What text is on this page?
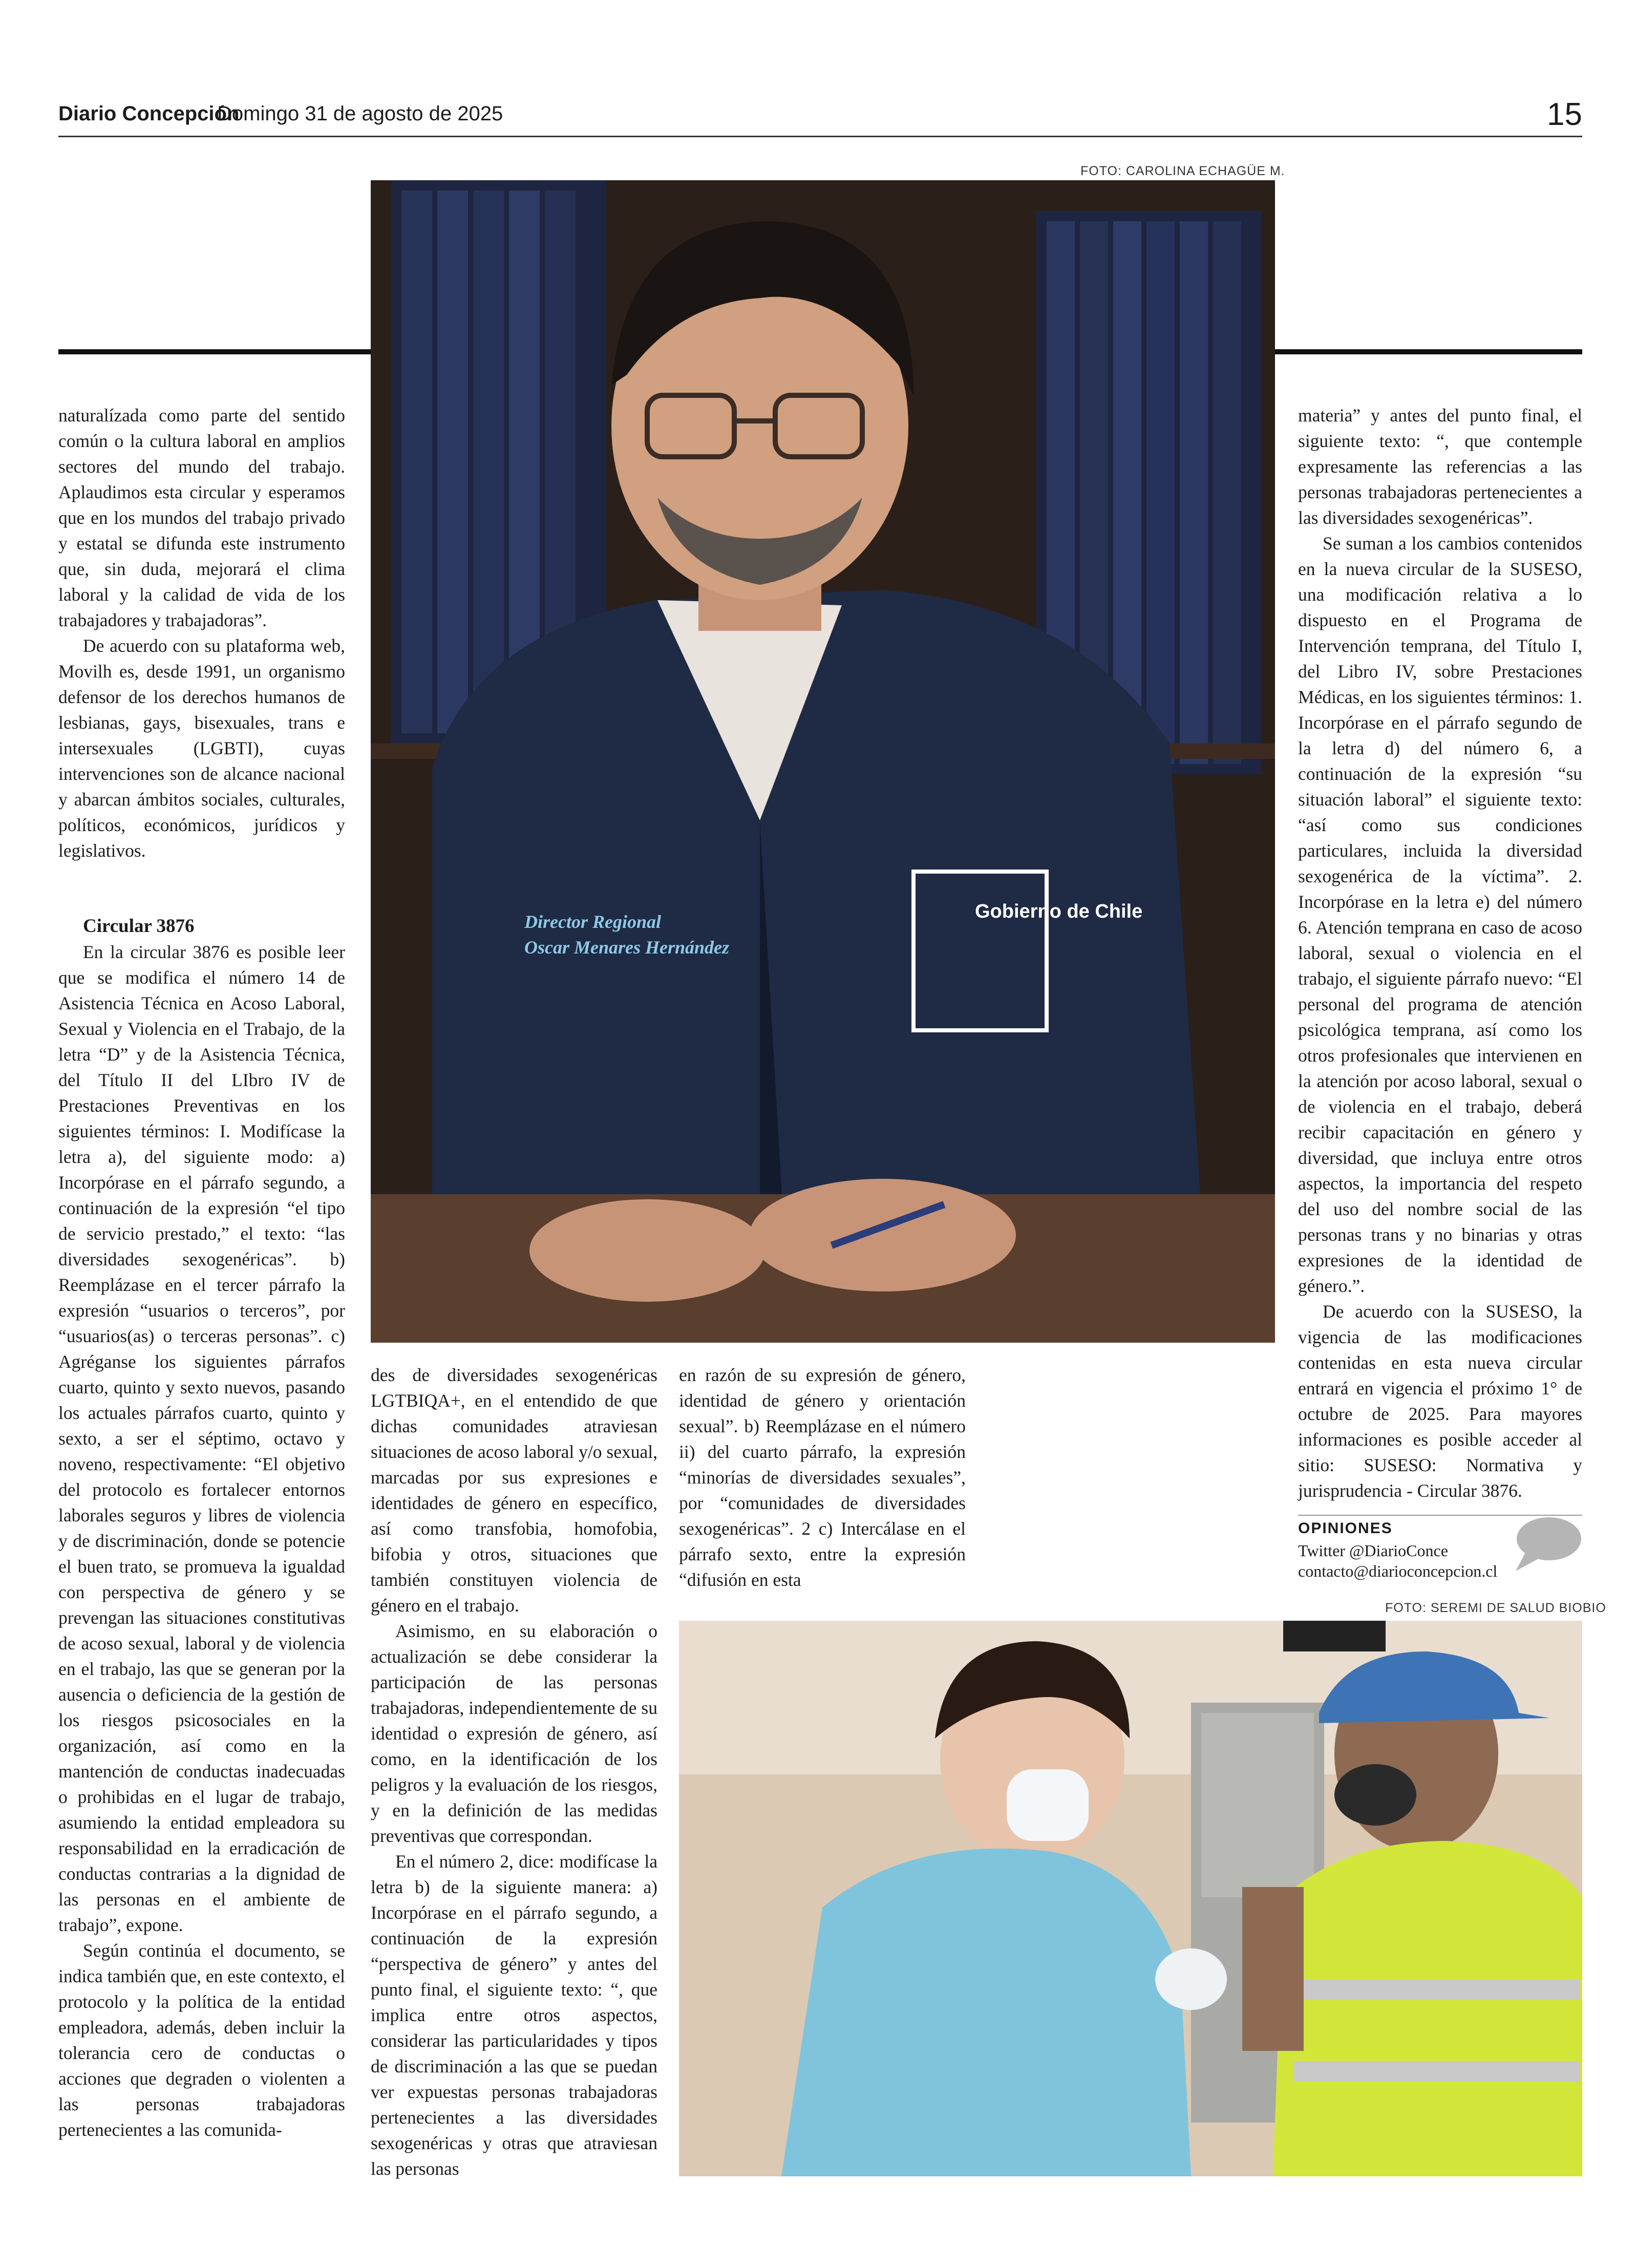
Diario Concepción
Domingo 31 de agosto de 2025	15
FOTO: CAROLINA ECHAGÜE M.
Gobierno de Chile
Director Regional
Oscar Menares Hernández

naturalízada como parte del sentido común o la cultura laboral en amplios sectores del mundo del trabajo. Aplaudimos esta circular y esperamos que en los mundos del trabajo privado y estatal se difunda este instrumento que, sin duda, mejorará el clima laboral y la calidad de vida de los trabajadores y trabajadoras”.

De acuerdo con su plataforma web, Movilh es, desde 1991, un organismo defensor de los derechos humanos de lesbianas, gays, bisexuales, trans e intersexuales (LGBTI), cuyas intervenciones son de alcance nacional y abarcan ámbitos sociales, culturales, políticos, económicos, jurídicos y legislativos.

Circular 3876

En la circular 3876 es posible leer que se modifica el número 14 de Asistencia Técnica en Acoso Laboral, Sexual y Violencia en el Trabajo, de la letra “D” y de la Asistencia Técnica, del Título II del LIbro IV de Prestaciones Preventivas en los siguientes términos: I. Modifícase la letra a), del siguiente modo: a) Incorpórase en el párrafo segundo, a continuación de la expresión “el tipo de servicio prestado,” el texto: “las diversidades sexogenéricas”. b) Reemplázase en el tercer párrafo la expresión “usuarios o terceros”, por “usuarios(as) o terceras personas”. c) Agréganse los siguientes párrafos cuarto, quinto y sexto nuevos, pasando los actuales párrafos cuarto, quinto y sexto, a ser el séptimo, octavo y noveno, respectivamente: “El objetivo del protocolo es fortalecer entornos laborales seguros y libres de violencia y de discriminación, donde se potencie el buen trato, se promueva la igualdad con perspectiva de género y se prevengan las situaciones constitutivas de acoso sexual, laboral y de violencia en el trabajo, las que se generan por la ausencia o deficiencia de la gestión de los riesgos psicosociales en la organización, así como en la mantención de conductas inadecuadas o prohibidas en el lugar de trabajo, asumiendo la entidad empleadora su responsabilidad en la erradicación de conductas contrarias a la dignidad de las personas en el ambiente de trabajo”, expone.

Según continúa el documento, se indica también que, en este contexto, el protocolo y la política de la entidad empleadora, además, deben incluir la tolerancia cero de conductas o acciones que degraden o violenten a las personas trabajadoras pertenecientes a las comunida-

des de diversidades sexogenéricas LGTBIQA+, en el entendido de que dichas comunidades atraviesan situaciones de acoso laboral y/o sexual, marcadas por sus expresiones e identidades de género en específico, así como transfobia, homofobia, bifobia y otros, situaciones que también constituyen violencia de género en el trabajo.

Asimismo, en su elaboración o actualización se debe considerar la participación de las personas trabajadoras, independientemente de su identidad o expresión de género, así como, en la identificación de los peligros y la evaluación de los riesgos, y en la definición de las medidas preventivas que correspondan.

En el número 2, dice: modifícase la letra b) de la siguiente manera: a) Incorpórase en el párrafo segundo, a continuación de la expresión “perspectiva de género” y antes del punto final, el siguiente texto: “, que implica entre otros aspectos, considerar las particularidades y tipos de discriminación a las que se puedan ver expuestas personas trabajadoras pertenecientes a las diversidades sexogenéricas y otras que atraviesan las personas

en razón de su expresión de género, identidad de género y orientación sexual”. b) Reemplázase en el número ii) del cuarto párrafo, la expresión “minorías de diversidades sexuales”, por “comunidades de diversidades sexogenéricas”. 2 c) Intercálase en el párrafo sexto, entre la expresión “difusión en esta

materia” y antes del punto final, el siguiente texto: “, que contemple expresamente las referencias a las personas trabajadoras pertenecientes a las diversidades sexogenéricas”.

Se suman a los cambios contenidos en la nueva circular de la SUSESO, una modificación relativa a lo dispuesto en el Programa de Intervención temprana, del Título I, del Libro IV, sobre Prestaciones Médicas, en los siguientes términos: 1. Incorpórase en el párrafo segundo de la letra d) del número 6, a continuación de la expresión “su situación laboral” el siguiente texto: “así como sus condiciones particulares, incluida la diversidad sexogenérica de la víctima”. 2. Incorpórase en la letra e) del número 6. Atención temprana en caso de acoso laboral, sexual o violencia en el trabajo, el siguiente párrafo nuevo: “El personal del programa de atención psicológica temprana, así como los otros profesionales que intervienen en la atención por acoso laboral, sexual o de violencia en el trabajo, deberá recibir capacitación en género y diversidad, que incluya entre otros aspectos, la importancia del respeto del uso del nombre social de las personas trans y no binarias y otras expresiones de la identidad de género.”.

De acuerdo con la SUSESO, la vigencia de las modificaciones contenidas en esta nueva circular entrará en vigencia el próximo 1° de octubre de 2025. Para mayores informaciones es posible acceder al sitio: SUSESO: Normativa y jurisprudencia - Circular 3876.

OPINIONES
Twitter @DiarioConce
contacto@diarioconcepcion.cl
FOTO: SEREMI DE SALUD BIOBIO
